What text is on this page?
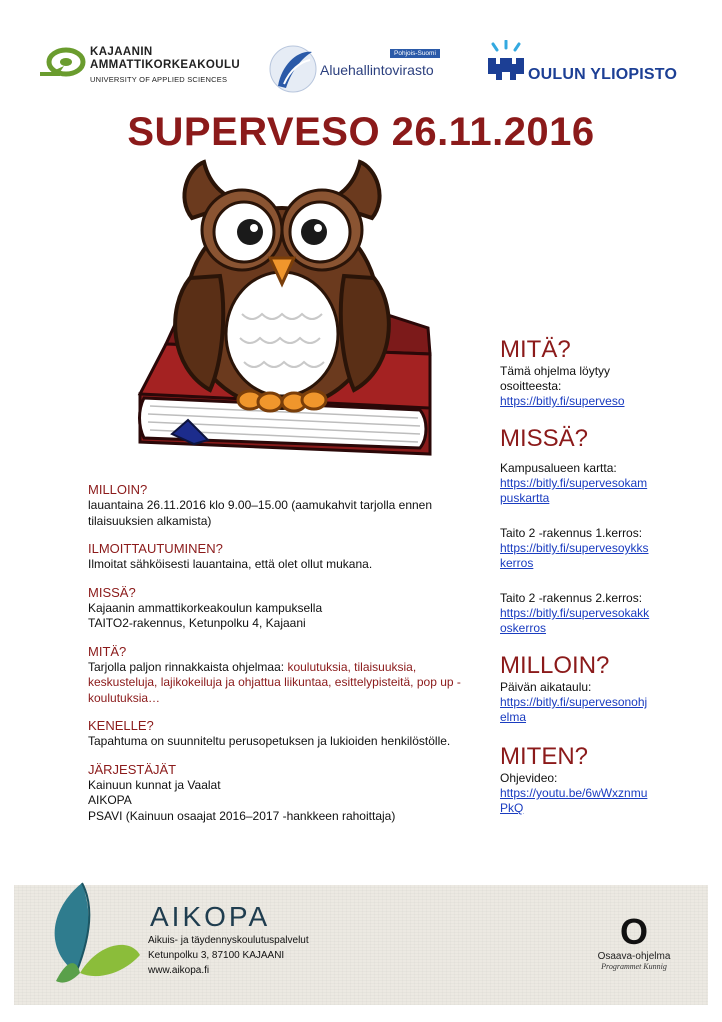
KAJAANIN
AMMATTIKORKEAKOULU
UNIVERSITY OF APPLIED SCIENCES
Pohjois-Suomi
Aluehallintovirasto	OULUN YLIOPISTO
SUPERVESO 26.11.2016
MITÄ?
Tämä ohjelma löytyy
osoitteesta:
https://bitly.fi/superveso
MISSÄ?
Kampusalueen kartta:
https://bitly.fi/supervesokam
puskartta
Taito 2 -rakennus 1.kerros:
https://bitly.fi/supervesoykks
kerros
Taito 2 -rakennus 2.kerros:
https://bitly.fi/supervesokakk
oskerros
MILLOIN?
Päivän aikataulu:
https://bitly.fi/supervesonohj
elma
MITEN?
Ohjevideo:
https://youtu.be/6wWxznmu
PkQ
MILLOIN?
lauantaina 26.11.2016 klo 9.00–15.00 (aamukahvit tarjolla ennen
tilaisuuksien alkamista)
ILMOITTAUTUMINEN?
Ilmoitat sähköisesti lauantaina, että olet ollut mukana.
MISSÄ?
Kajaanin ammattikorkeakoulun kampuksella
TAITO2-rakennus, Ketunpolku 4, Kajaani
MITÄ?
Tarjolla paljon rinnakkaista ohjelmaa: koulutuksia, tilaisuuksia,
keskusteluja, lajikokeiluja ja ohjattua liikuntaa, esittelypisteitä, pop up -
koulutuksia…
KENELLE?
Tapahtuma on suunniteltu perusopetuksen ja lukioiden henkilöstölle.
JÄRJESTÄJÄT
Kainuun kunnat ja Vaalat
AIKOPA
PSAVI (Kainuun osaajat 2016–2017 -hankkeen rahoittaja)
AIKOPA
Aikuis- ja täydennyskoulutuspalvelut
Ketunpolku 3, 87100 KAJAANI
www.aikopa.fi
O
Osaava-ohjelma
Programmet Kunnig
